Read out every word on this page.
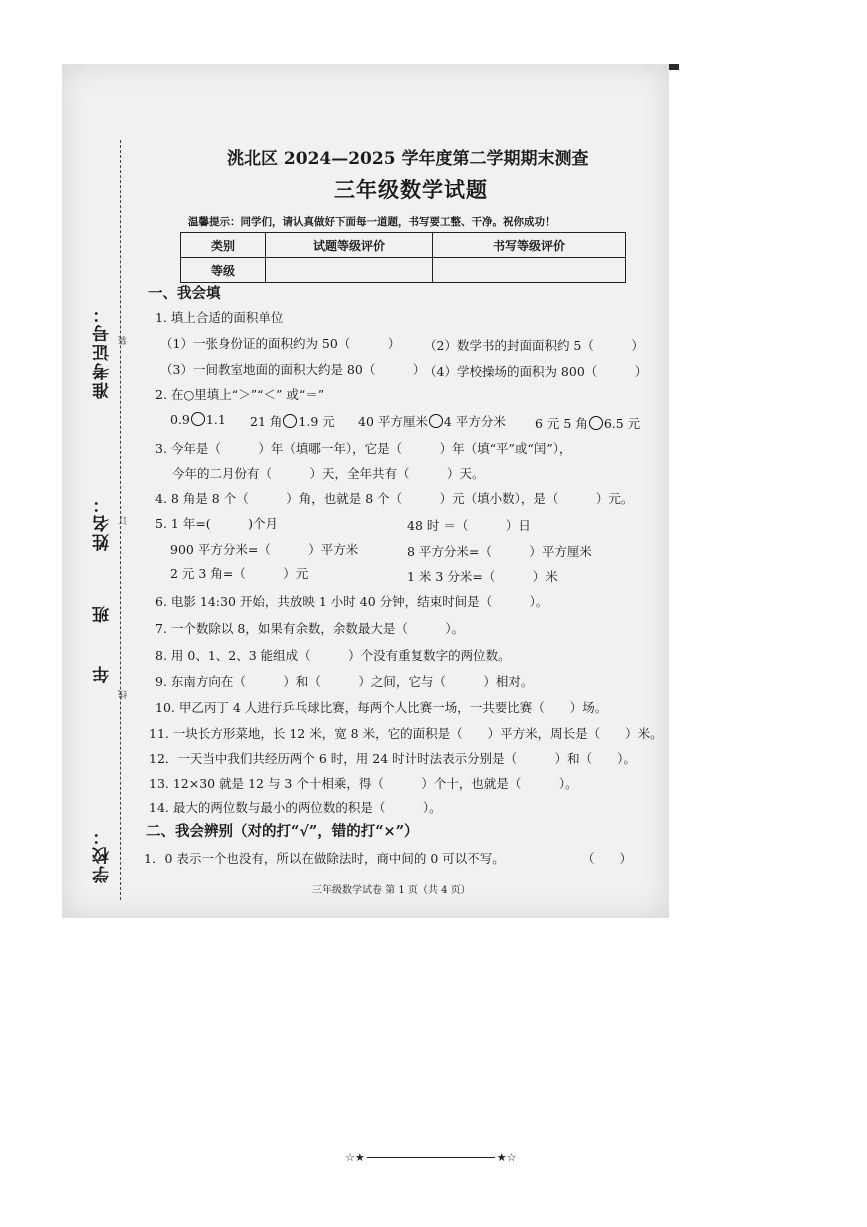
准考证号：
姓名：
班
年
学校：
装
订
线
洮北区 2024—2025 学年度第二学期期末测查
三年级数学试题
温馨提示：同学们，请认真做好下面每一道题，书写要工整、干净。祝你成功！
类别	试题等级评价	书写等级评价
等级		
一、我会填
1. 填上合适的面积单位
（1）一张身份证的面积约为 50（　　　） （2）数学书的封面面积约 5（　　　）
（3）一间教室地面的面积大约是 80（　　　）
（4）学校操场的面积为 800（　　　）
2. 在○里填上“＞”“＜” 或“＝”
0.9 1.1 21 角 1.9 元 40 平方厘米 4 平方分米 6 元 5 角 6.5 元
3. 今年是（　　　）年（填哪一年），它是（　　　）年（填“平”或“闰”），
今年的二月份有（　　　）天，全年共有（　　　）天。
4. 8 角是 8 个（　　　）角，也就是 8 个（　　　）元（填小数），是（　　　）元。
5. 1 年=(　　　)个月	48 时 ＝（　　　）日
900 平方分米=（　　　）平方米	8 平方分米=（　　　）平方厘米
2 元 3 角=（　　　）元	1 米 3 分米=（　　　）米
6. 电影 14:30 开始，共放映 1 小时 40 分钟，结束时间是（　　　）。
7. 一个数除以 8，如果有余数，余数最大是（　　　）。
8. 用 0、1、2、3 能组成（　　　）个没有重复数字的两位数。
9. 东南方向在（　　　）和（　　　）之间，它与（　　　）相对。
10. 甲乙丙丁 4 人进行乒乓球比赛，每两个人比赛一场，一共要比赛（　　）场。
11. 一块长方形菜地，长 12 米，宽 8 米，它的面积是（　　）平方米，周长是（　　）米。
12．一天当中我们共经历两个 6 时，用 24 时计时法表示分别是（　　　）和（　　）。
13. 12×30 就是 12 与 3 个十相乘，得（　　　）个十，也就是（　　　）。
14. 最大的两位数与最小的两位数的积是（　　　）。
二、我会辨别（对的打“√”，错的打“×”）
1．0 表示一个也没有，所以在做除法时，商中间的 0 可以不写。	（　　）
三年级数学试卷 第 1 页（共 4 页）
☆★	★☆
